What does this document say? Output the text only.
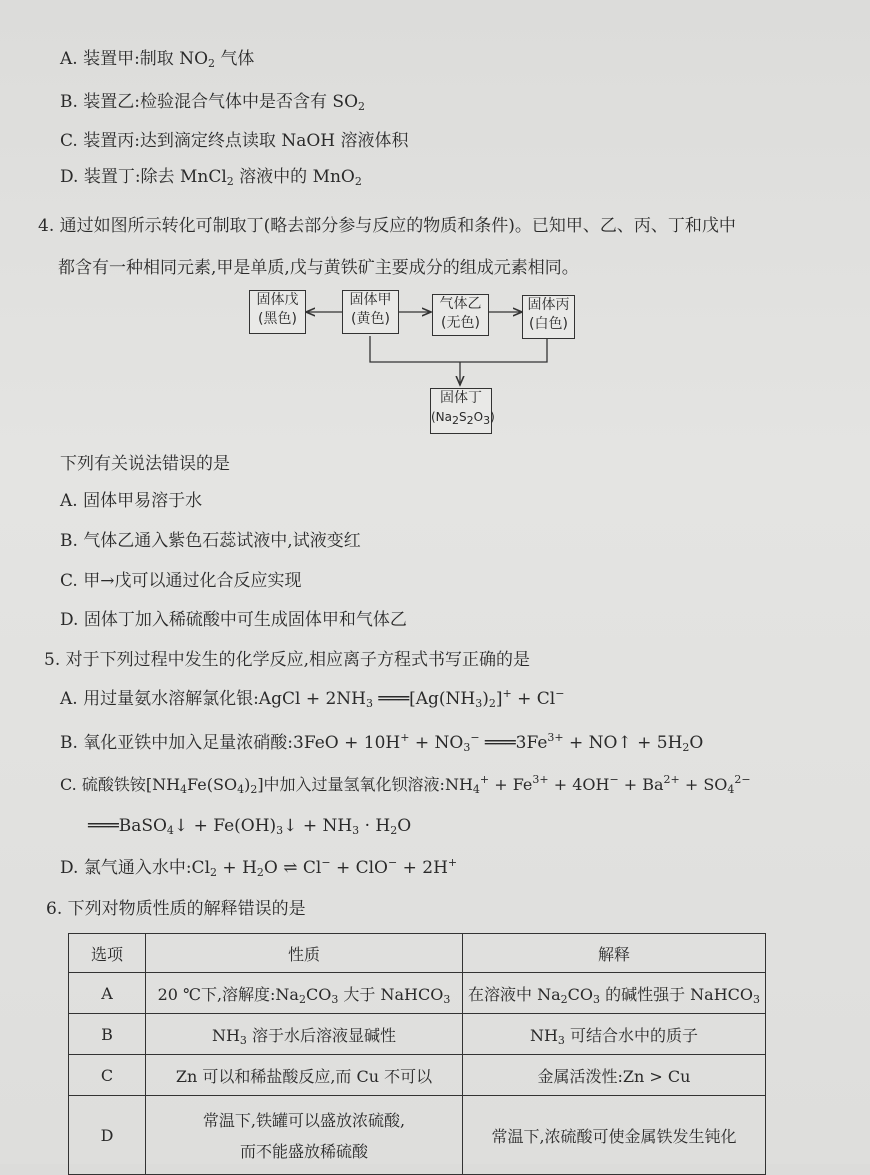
A. 装置甲:制取 $NO_2$ 气体
B. 装置乙:检验混合气体中是否含有 $SO_2$
C. 装置丙:达到滴定终点读取 NaOH 溶液体积
D. 装置丁:除去 MnCl$_2$ 溶液中的 MnO$_2$
4. 通过如图所示转化可制取丁(略去部分参与反应的物质和条件)。已知甲、乙、丙、丁和戊中
都含有一种相同元素,甲是单质,戊与黄铁矿主要成分的组成元素相同。
固体戊
(黑色)
固体甲
(黄色)
气体乙
(无色)
固体丙
(白色)
固体丁
$(Na_2S_2O_3)$
下列有关说法错误的是
A. 固体甲易溶于水
B. 气体乙通入紫色石蕊试液中,试液变红
C. 甲→戊可以通过化合反应实现
D. 固体丁加入稀硫酸中可生成固体甲和气体乙
5. 对于下列过程中发生的化学反应,相应离子方程式书写正确的是
A. 用过量氨水溶解氯化银:AgCl + $2NH_3$ $═══[Ag(NH_3)_2]^+ + Cl^-$
B. 氧化亚铁中加入足量浓硝酸:3FeO + $10H^+ + NO_3^-$ $═══3Fe^{3+}$ + NO↑ + $5H_2O$
C. 硫酸铁铵$[NH_4Fe(SO_4)_2]$中加入过量氢氧化钡溶液$:NH_4^+ + Fe^{3+} + 4OH^- + Ba^{2+} + SO_4^{2-}$
═══BaSO$_4$↓ + $Fe(OH)_3↓ + NH_3 \cdot H_2O$
D. 氯气通入水中$:Cl_2 + H_2O$ ⇌ Cl− + ClO− + 2H+
6. 下列对物质性质的解释错误的是
选项	性质	解释
A	20 ℃下,溶解度$:Na_2CO_3$ 大于 NaHCO$_3$	在溶液中 $Na_2CO_3$ 的碱性强于 NaHCO$_3$
B	$NH_3$ 溶于水后溶液显碱性	$NH_3$ 可结合水中的质子
C	Zn 可以和稀盐酸反应,而 Cu 不可以	金属活泼性:Zn > Cu
D	常温下,铁罐可以盛放浓硫酸,
而不能盛放稀硫酸	常温下,浓硫酸可使金属铁发生钝化
